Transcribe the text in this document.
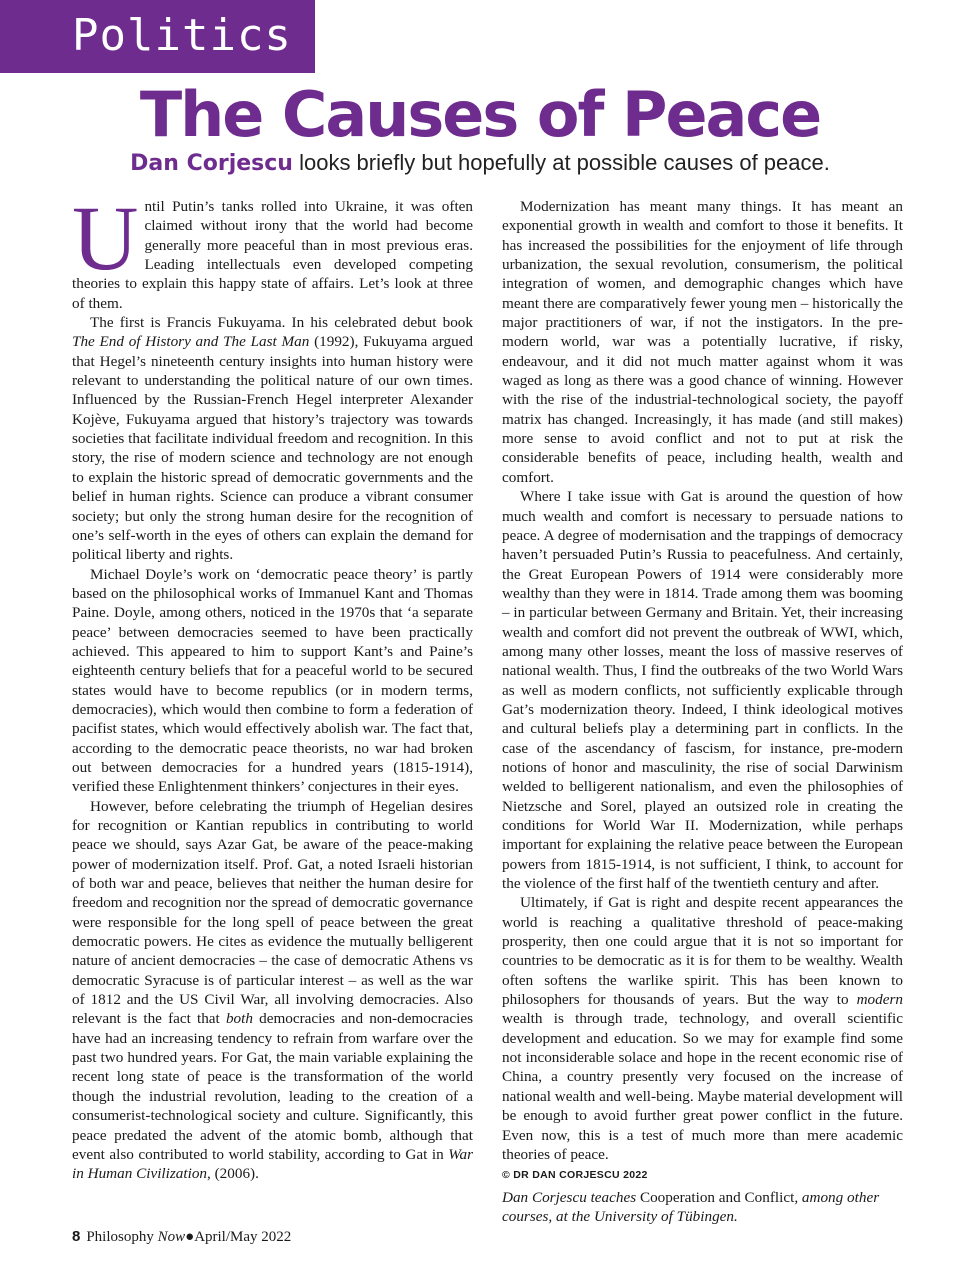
Politics
The Causes of Peace
Dan Corjescu looks briefly but hopefully at possible causes of peace.

Until Putin’s tanks rolled into Ukraine, it was often claimed without irony that the world had become generally more peaceful than in most previous eras. Leading intellectuals even developed competing theories to explain this happy state of affairs. Let’s look at three of them.

The first is Francis Fukuyama. In his celebrated debut book The End of History and The Last Man (1992), Fukuyama argued that Hegel’s nineteenth century insights into human history were relevant to understanding the political nature of our own times. Influenced by the Russian-French Hegel interpreter Alexander Kojève, Fukuyama argued that history’s trajectory was towards societies that facilitate individual freedom and recognition. In this story, the rise of modern science and technology are not enough to explain the historic spread of democratic governments and the belief in human rights. Science can produce a vibrant consumer society; but only the strong human desire for the recognition of one’s self-worth in the eyes of others can explain the demand for political liberty and rights.

Michael Doyle’s work on ‘democratic peace theory’ is partly based on the philosophical works of Immanuel Kant and Thomas Paine. Doyle, among others, noticed in the 1970s that ‘a separate peace’ between democracies seemed to have been practically achieved. This appeared to him to support Kant’s and Paine’s eighteenth century beliefs that for a peaceful world to be secured states would have to become republics (or in modern terms, democracies), which would then combine to form a federation of pacifist states, which would effectively abolish war. The fact that, according to the democratic peace theorists, no war had broken out between democracies for a hundred years (1815-1914), verified these Enlightenment thinkers’ conjectures in their eyes.

However, before celebrating the triumph of Hegelian desires for recognition or Kantian republics in contributing to world peace we should, says Azar Gat, be aware of the peace-making power of modernization itself. Prof. Gat, a noted Israeli historian of both war and peace, believes that neither the human desire for freedom and recognition nor the spread of democratic governance were responsible for the long spell of peace between the great democratic powers. He cites as evidence the mutually belligerent nature of ancient democracies – the case of democratic Athens vs democratic Syracuse is of particular interest – as well as the war of 1812 and the US Civil War, all involving democracies. Also relevant is the fact that both democracies and non-democracies have had an increasing tendency to refrain from warfare over the past two hundred years. For Gat, the main variable explaining the recent long state of peace is the transformation of the world though the industrial revolution, leading to the creation of a consumerist-technological society and culture. Significantly, this peace predated the advent of the atomic bomb, although that event also contributed to world stability, according to Gat in War in Human Civilization, (2006).

Modernization has meant many things. It has meant an exponential growth in wealth and comfort to those it benefits. It has increased the possibilities for the enjoyment of life through urbanization, the sexual revolution, consumerism, the political integration of women, and demographic changes which have meant there are comparatively fewer young men – historically the major practitioners of war, if not the instigators. In the pre-modern world, war was a potentially lucrative, if risky, endeavour, and it did not much matter against whom it was waged as long as there was a good chance of winning. However with the rise of the industrial-technological society, the payoff matrix has changed. Increasingly, it has made (and still makes) more sense to avoid conflict and not to put at risk the considerable benefits of peace, including health, wealth and comfort.

Where I take issue with Gat is around the question of how much wealth and comfort is necessary to persuade nations to peace. A degree of modernisation and the trappings of democracy haven’t persuaded Putin’s Russia to peacefulness. And certainly, the Great European Powers of 1914 were considerably more wealthy than they were in 1814. Trade among them was booming – in particular between Germany and Britain. Yet, their increasing wealth and comfort did not prevent the outbreak of WWI, which, among many other losses, meant the loss of massive reserves of national wealth. Thus, I find the outbreaks of the two World Wars as well as modern conflicts, not sufficiently explicable through Gat’s modernization theory. Indeed, I think ideological motives and cultural beliefs play a determining part in conflicts. In the case of the ascendancy of fascism, for instance, pre-modern notions of honor and masculinity, the rise of social Darwinism welded to belligerent nationalism, and even the philosophies of Nietzsche and Sorel, played an outsized role in creating the conditions for World War II. Modernization, while perhaps important for explaining the relative peace between the European powers from 1815-1914, is not sufficient, I think, to account for the violence of the first half of the twentieth century and after.

Ultimately, if Gat is right and despite recent appearances the world is reaching a qualitative threshold of peace-making prosperity, then one could argue that it is not so important for countries to be democratic as it is for them to be wealthy. Wealth often softens the warlike spirit. This has been known to philosophers for thousands of years. But the way to modern wealth is through trade, technology, and overall scientific development and education. So we may for example find some not inconsiderable solace and hope in the recent economic rise of China, a country presently very focused on the increase of national wealth and well-being. Maybe material development will be enough to avoid further great power conflict in the future. Even now, this is a test of much more than mere academic theories of peace.

© DR DAN CORJESCU 2022
Dan Corjescu teaches Cooperation and Conflict, among other courses, at the University of Tübingen.
8 Philosophy Now●April/May 2022
